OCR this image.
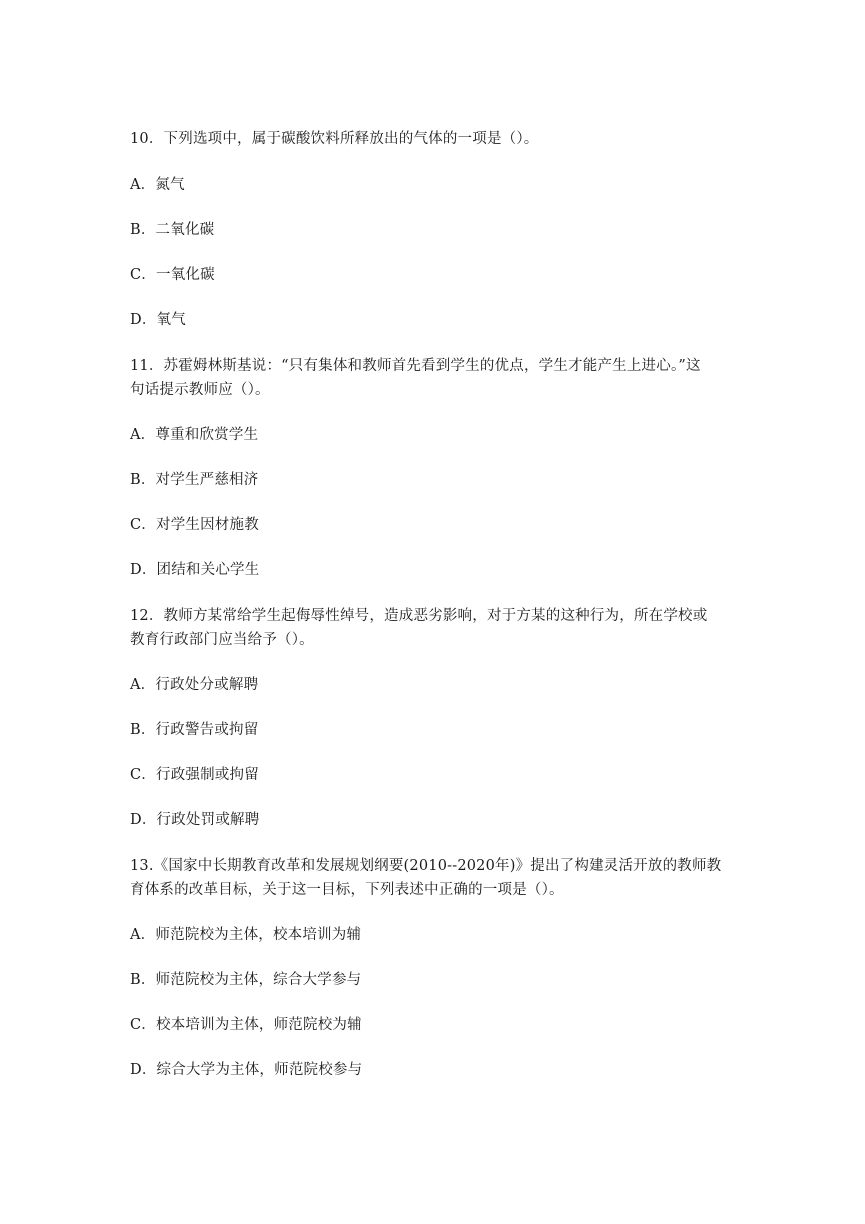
10．下列选项中，属于碳酸饮料所释放出的气体的一项是（）。
A．氮气
B．二氧化碳
C．一氧化碳
D．氧气
11．苏霍姆林斯基说：“只有集体和教师首先看到学生的优点，学生才能产生上进心。”这
句话提示教师应（）。
A．尊重和欣赏学生
B．对学生严慈相济
C．对学生因材施教
D．团结和关心学生
12．教师方某常给学生起侮辱性绰号，造成恶劣影响，对于方某的这种行为，所在学校或
教育行政部门应当给予（）。
A．行政处分或解聘
B．行政警告或拘留
C．行政强制或拘留
D．行政处罚或解聘
13.《国家中长期教育改革和发展规划纲要(2010--2020年)》提出了构建灵活开放的教师教
育体系的改革目标，关于这一目标，下列表述中正确的一项是（）。
A．师范院校为主体，校本培训为辅
B．师范院校为主体，综合大学参与
C．校本培训为主体，师范院校为辅
D．综合大学为主体，师范院校参与
